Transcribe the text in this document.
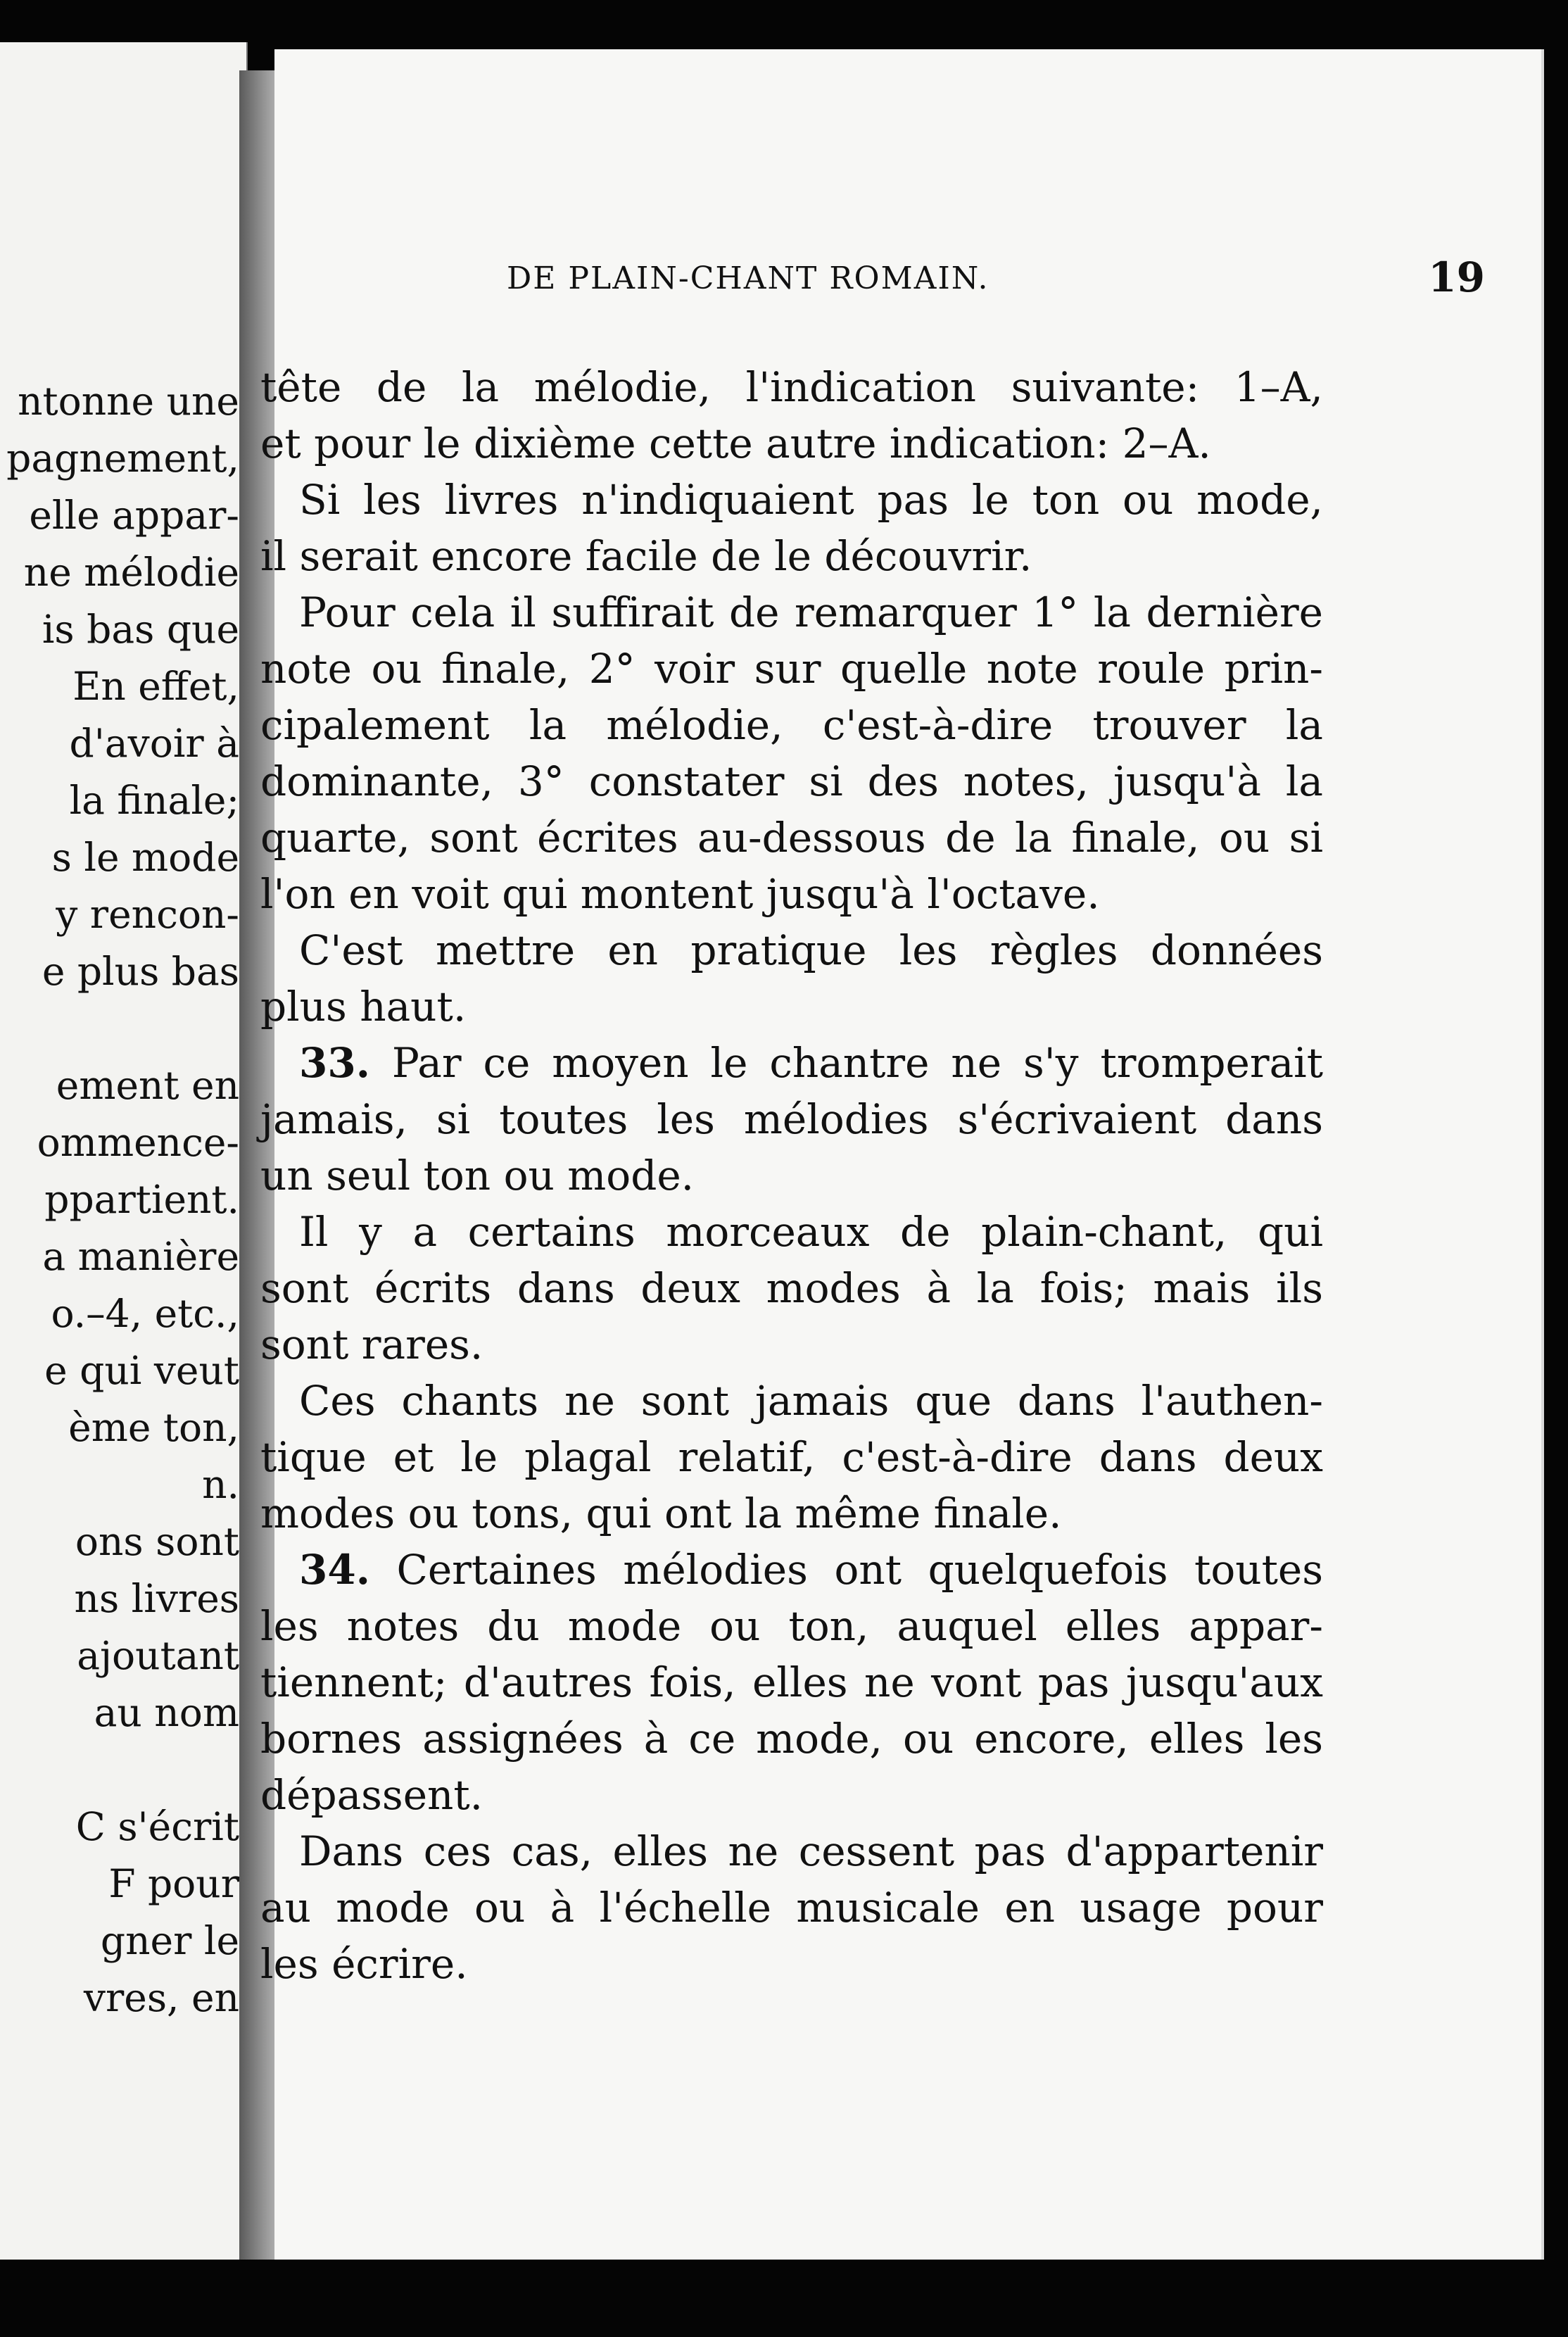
ntonne une
pagnement,
elle appar-
ne mélodie
is bas que
En effet,
d'avoir à
la finale;
s le mode
y rencon-
e plus bas
ement en
ommence-
ppartient.
a manière
o.–4, etc.,
e qui veut
ème ton,
n.
ons sont
ns livres
ajoutant
au nom
C s'écrit
F pour
gner le
vres, en
DE PLAIN-CHANT ROMAIN.	19
tête de la mélodie, l'indication suivante: 1–A,
et pour le dixième cette autre indication: 2–A.
Si les livres n'indiquaient pas le ton ou mode,
il serait encore facile de le découvrir.
Pour cela il suffirait de remarquer 1° la dernière
note ou finale, 2° voir sur quelle note roule prin-
cipalement la mélodie, c'est-à-dire trouver la
dominante, 3° constater si des notes, jusqu'à la
quarte, sont écrites au-dessous de la finale, ou si
l'on en voit qui montent jusqu'à l'octave.
C'est mettre en pratique les règles données
plus haut.
33. Par ce moyen le chantre ne s'y tromperait
jamais, si toutes les mélodies s'écrivaient dans
un seul ton ou mode.
Il y a certains morceaux de plain-chant, qui
sont écrits dans deux modes à la fois; mais ils
sont rares.
Ces chants ne sont jamais que dans l'authen-
tique et le plagal relatif, c'est-à-dire dans deux
modes ou tons, qui ont la même finale.
34. Certaines mélodies ont quelquefois toutes
les notes du mode ou ton, auquel elles appar-
tiennent; d'autres fois, elles ne vont pas jusqu'aux
bornes assignées à ce mode, ou encore, elles les
dépassent.
Dans ces cas, elles ne cessent pas d'appartenir
au mode ou à l'échelle musicale en usage pour
les écrire.
